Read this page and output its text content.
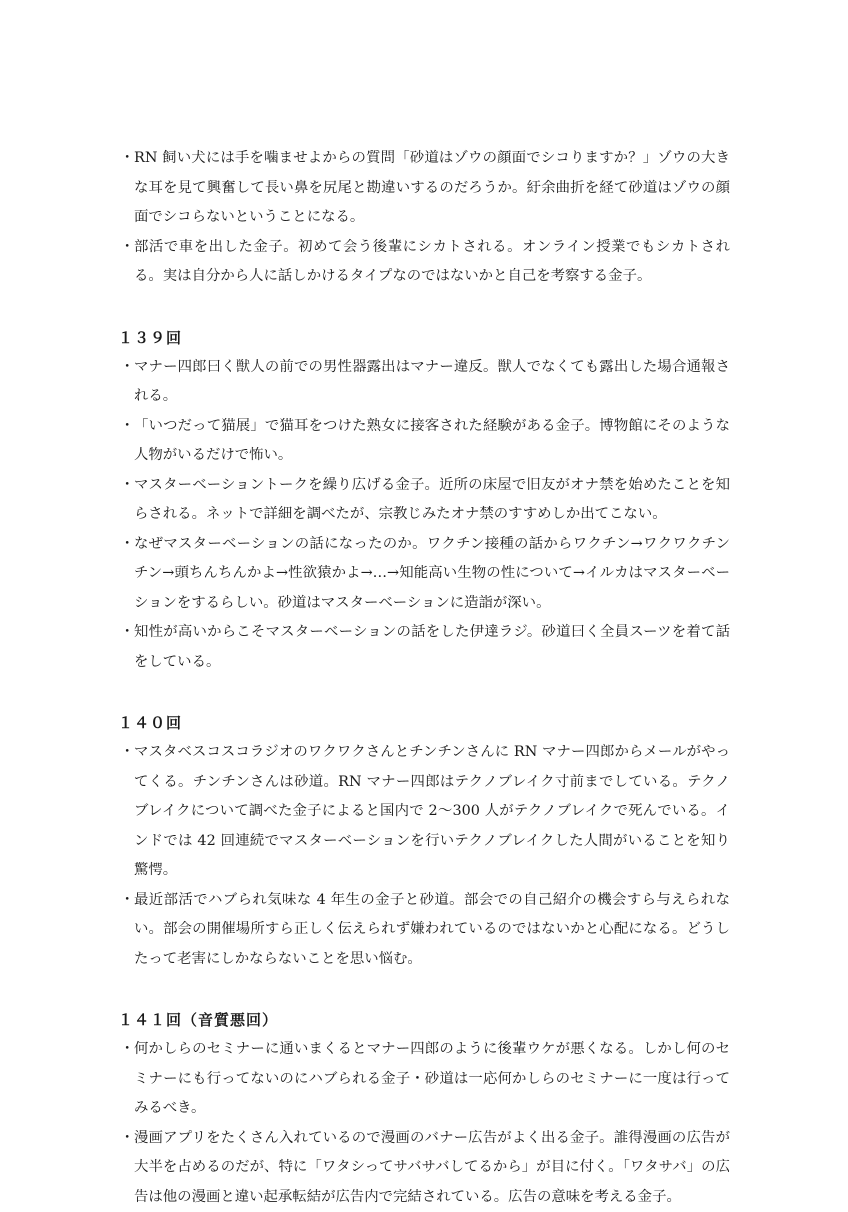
・ RN 飼い犬には手を噛ませよからの質問「砂道はゾウの顔面でシコりますか？」ゾウの大きな耳を見て興奮して長い鼻を尻尾と勘違いするのだろうか。紆余曲折を経て砂道はゾウの顔面でシコらないということになる。
・ 部活で車を出した金子。初めて会う後輩にシカトされる。オンライン授業でもシカトされる。実は自分から人に話しかけるタイプなのではないかと自己を考察する金子。
１３９回
・ マナー四郎曰く獣人の前での男性器露出はマナー違反。獣人でなくても露出した場合通報される。
・ 「いつだって猫展」で猫耳をつけた熟女に接客された経験がある金子。博物館にそのような人物がいるだけで怖い。
・ マスターベーショントークを繰り広げる金子。近所の床屋で旧友がオナ禁を始めたことを知らされる。ネットで詳細を調べたが、宗教じみたオナ禁のすすめしか出てこない。
・ なぜマスターベーションの話になったのか。ワクチン接種の話からワクチン→ワクワクチンチン→頭ちんちんかよ→性欲猿かよ→…→知能高い生物の性について→イルカはマスターベーションをするらしい。砂道はマスターベーションに造詣が深い。
・ 知性が高いからこそマスターベーションの話をした伊達ラジ。砂道曰く全員スーツを着て話をしている。
１４０回
・ マスタベスコスコラジオのワクワクさんとチンチンさんに RN マナー四郎からメールがやってくる。チンチンさんは砂道。RN マナー四郎はテクノブレイク寸前までしている。テクノブレイクについて調べた金子によると国内で 2〜300 人がテクノブレイクで死んでいる。インドでは 42 回連続でマスターベーションを行いテクノブレイクした人間がいることを知り驚愕。
・ 最近部活でハブられ気味な 4 年生の金子と砂道。部会での自己紹介の機会すら与えられない。部会の開催場所すら正しく伝えられず嫌われているのではないかと心配になる。どうしたって老害にしかならないことを思い悩む。
１４１回（音質悪回）
・ 何かしらのセミナーに通いまくるとマナー四郎のように後輩ウケが悪くなる。しかし何のセミナーにも行ってないのにハブられる金子・砂道は一応何かしらのセミナーに一度は行ってみるべき。
・ 漫画アプリをたくさん入れているので漫画のバナー広告がよく出る金子。誰得漫画の広告が大半を占めるのだが、特に「ワタシってサバサバしてるから」が目に付く。「ワタサバ」の広告は他の漫画と違い起承転結が広告内で完結されている。広告の意味を考える金子。
